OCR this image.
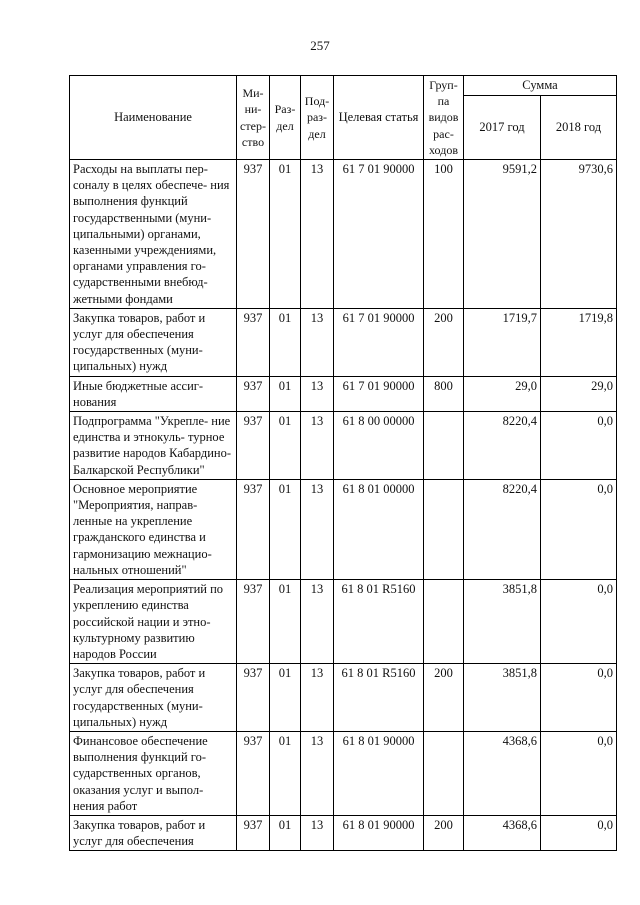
257
Наименование	Ми- ни- стер- ство	Раз- дел	Под- раз- дел	Целевая статья	Груп- па видов рас- ходов	Сумма	
						2017 год	2018 год
Расходы на выплаты пер- соналу в целях обеспече- ния выполнения функций государственными (муни- ципальными) органами, казенными учреждениями, органами управления го- сударственными внебюд- жетными фондами	937	01	13	61 7 01 90000	100	9591,2	9730,6
Закупка товаров, работ и услуг для обеспечения государственных (муни- ципальных) нужд	937	01	13	61 7 01 90000	200	1719,7	1719,8
Иные бюджетные ассиг- нования	937	01	13	61 7 01 90000	800	29,0	29,0
Подпрограмма "Укрепле- ние единства и этнокуль- турное развитие народов Кабардино-Балкарской Республики"	937	01	13	61 8 00 00000		8220,4	0,0
Основное мероприятие "Мероприятия, направ- ленные на укрепление гражданского единства и гармонизацию межнацио- нальных отношений"	937	01	13	61 8 01 00000		8220,4	0,0
Реализация мероприятий по укреплению единства российской нации и этно- культурному развитию народов России	937	01	13	61 8 01 R5160		3851,8	0,0
Закупка товаров, работ и услуг для обеспечения государственных (муни- ципальных) нужд	937	01	13	61 8 01 R5160	200	3851,8	0,0
Финансовое обеспечение выполнения функций го- сударственных органов, оказания услуг и выпол- нения работ	937	01	13	61 8 01 90000		4368,6	0,0
Закупка товаров, работ и услуг для обеспечения	937	01	13	61 8 01 90000	200	4368,6	0,0
